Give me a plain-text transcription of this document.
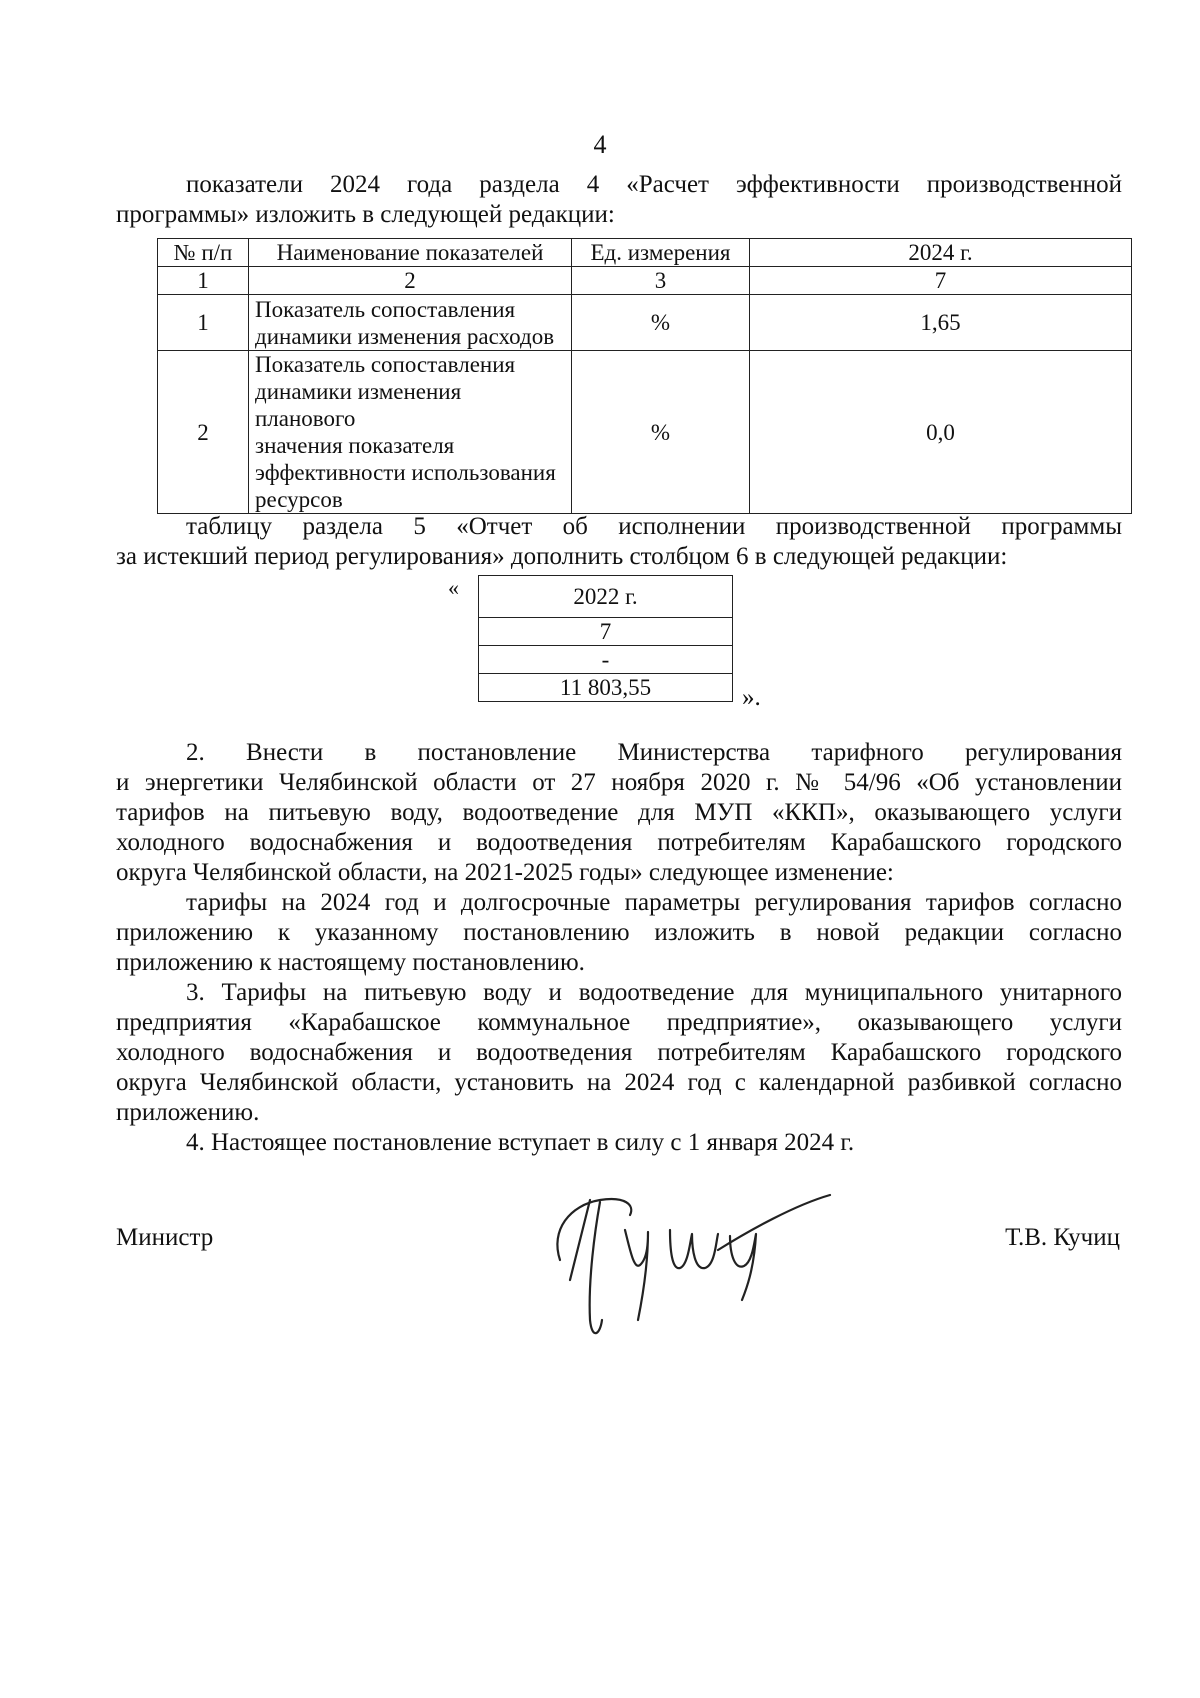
4
показатели 2024 года раздела 4 «Расчет эффективности производственной
программы» изложить в следующей редакции:
№ п/п	Наименование показателей	Ед. измерения	2024 г.
1	2	3	7
1	Показатель сопоставления
динамики изменения расходов	%	1,65
2	Показатель сопоставления
динамики изменения планового
значения показателя
эффективности использования
ресурсов	%	0,0
таблицу раздела 5 «Отчет об исполнении производственной программы
за истекший период регулирования» дополнить столбцом 6 в следующей редакции:
«	2022 г.
7
-
11 803,55	».
2. Внести в постановление Министерства тарифного регулирования
и энергетики Челябинской области от 27 ноября 2020 г. № 54/96 «Об установлении
тарифов на питьевую воду, водоотведение для МУП «ККП», оказывающего услуги
холодного водоснабжения и водоотведения потребителям Карабашского городского
округа Челябинской области, на 2021-2025 годы» следующее изменение:
тарифы на 2024 год и долгосрочные параметры регулирования тарифов согласно
приложению к указанному постановлению изложить в новой редакции согласно
приложению к настоящему постановлению.
3. Тарифы на питьевую воду и водоотведение для муниципального унитарного
предприятия «Карабашское коммунальное предприятие», оказывающего услуги
холодного водоснабжения и водоотведения потребителям Карабашского городского
округа Челябинской области, установить на 2024 год с календарной разбивкой согласно
приложению.
4. Настоящее постановление вступает в силу с 1 января 2024 г.
Министр	Т.В. Кучиц
